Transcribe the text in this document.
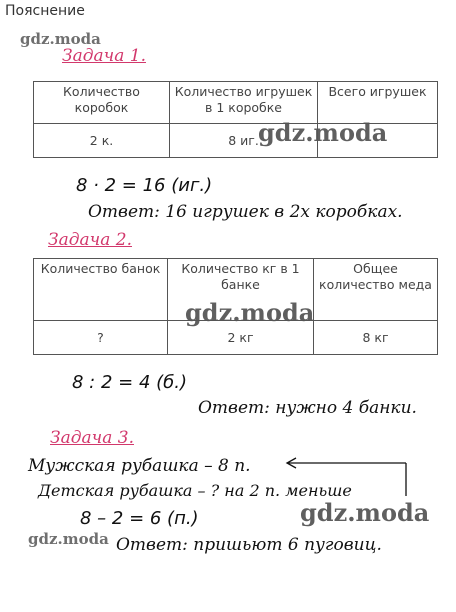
Пояснение
gdz.moda
gdz.moda
gdz.moda
gdz.moda
gdz.moda
Задача 1.
Количество коробок	Количество игрушек в 1 коробке	Всего игрушек
2 к.	8 иг.	
8 · 2 = 16 (иг.)
Ответ: 16 игрушек в 2х коробках.
Задача 2.
Количество банок	Количество кг в 1 банке	Общее количество меда
?	2 кг	8 кг
8 : 2 = 4 (б.)
Ответ: нужно 4 банки.
Задача 3.
Мужская рубашка – 8 п.
Детская рубашка – ? на 2 п. меньше
8 – 2 = 6 (п.)
Ответ: пришьют 6 пуговиц.
